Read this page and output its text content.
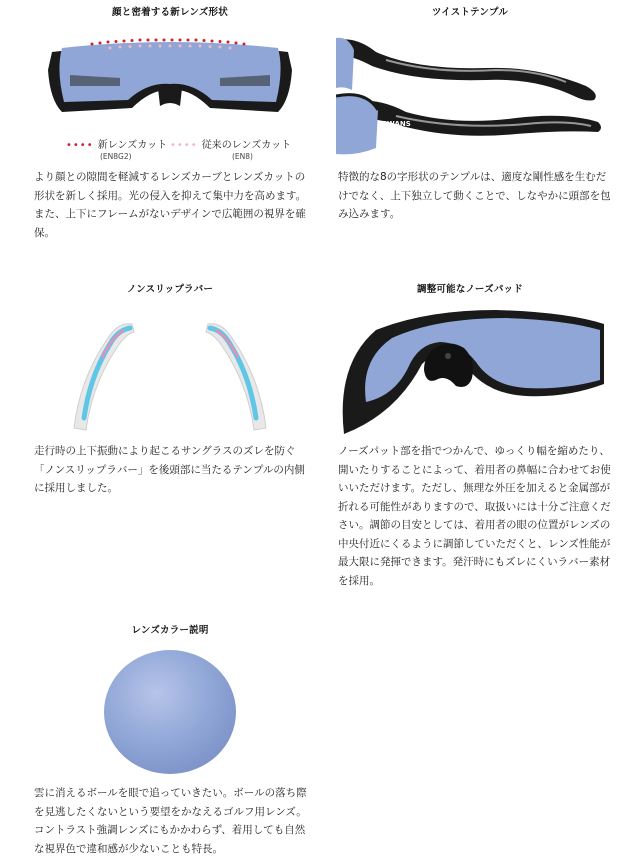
顔と密着する新レンズ形状
•••• 新レンズカット
(EN8G2)
•••• 従来のレンズカット
(EN8)
より顔との隙間を軽減するレンズカーブとレンズカットの
形状を新しく採用。光の侵入を抑えて集中力を高めます。
また、上下にフレームがないデザインで広範囲の視界を確
保。
ツイストテンプル
SWANS
特徴的な8の字形状のテンプルは、適度な剛性感を生むだ
けでなく、上下独立して動くことで、しなやかに頭部を包
み込みます。
ノンスリップラバー
走行時の上下振動により起こるサングラスのズレを防ぐ
「ノンスリップラバー」を後頭部に当たるテンプルの内側
に採用しました。
調整可能なノーズパッド
ノーズパット部を指でつかんで、ゆっくり幅を縮めたり、
開いたりすることによって、着用者の鼻幅に合わせてお使
いいただけます。ただし、無理な外圧を加えると金属部が
折れる可能性がありますので、取扱いには十分ご注意くだ
さい。調節の目安としては、着用者の眼の位置がレンズの
中央付近にくるように調節していただくと、レンズ性能が
最大限に発揮できます。発汗時にもズレにくいラバー素材
を採用。
レンズカラー説明
雲に消えるボールを眼で追っていきたい。ボールの落ち際
を見逃したくないという要望をかなえるゴルフ用レンズ。
コントラスト強調レンズにもかかわらず、着用しても自然
な視界色で違和感が少ないことも特長。
